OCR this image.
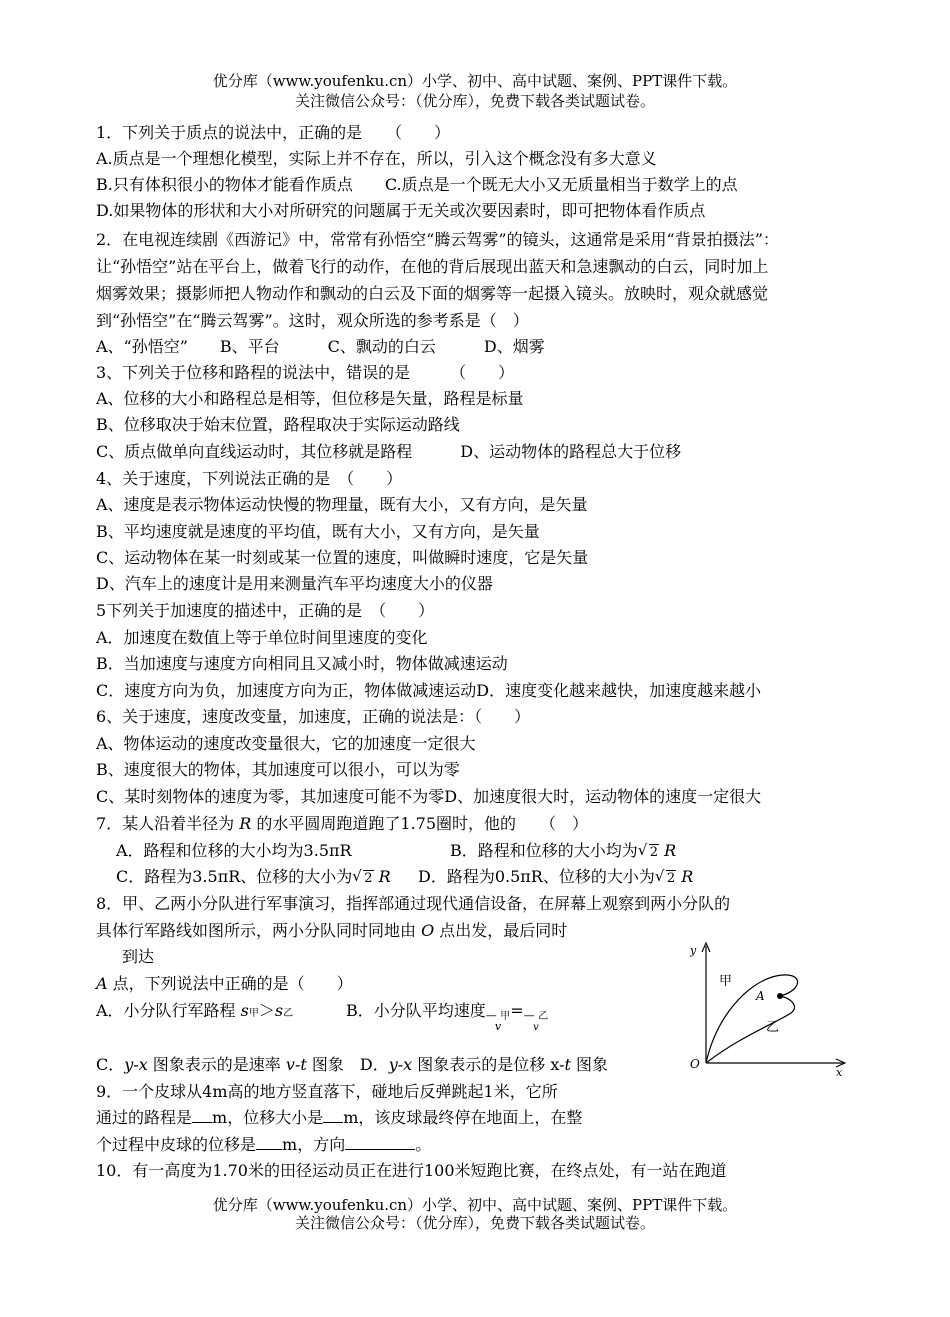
优分库（www.youfenku.cn）小学、初中、高中试题、案例、PPT课件下载。
关注微信公众号：（优分库），免费下载各类试题试卷。
1．下列关于质点的说法中，正确的是　　（　　）
A.质点是一个理想化模型，实际上并不存在，所以，引入这个概念没有多大意义
B.只有体积很小的物体才能看作质点　　C.质点是一个既无大小又无质量相当于数学上的点
D.如果物体的形状和大小对所研究的问题属于无关或次要因素时，即可把物体看作质点
2．在电视连续剧《西游记》中，常常有孙悟空“腾云驾雾”的镜头，这通常是采用“背景拍摄法”：
让“孙悟空”站在平台上，做着飞行的动作，在他的背后展现出蓝天和急速飘动的白云，同时加上
烟雾效果；摄影师把人物动作和飘动的白云及下面的烟雾等一起摄入镜头。放映时，观众就感觉
到“孙悟空”在“腾云驾雾”。这时，观众所选的参考系是（　）
A、“孙悟空”　　B、平台　　　C、飘动的白云　　　D、烟雾
3、下列关于位移和路程的说法中，错误的是　　　（　　）
A、位移的大小和路程总是相等，但位移是矢量，路程是标量
B、位移取决于始末位置，路程取决于实际运动路线
C、质点做单向直线运动时，其位移就是路程　　　D、运动物体的路程总大于位移
4、关于速度，下列说法正确的是　（　　）
A、速度是表示物体运动快慢的物理量，既有大小，又有方向，是矢量
B、平均速度就是速度的平均值，既有大小，又有方向，是矢量
C、运动物体在某一时刻或某一位置的速度，叫做瞬时速度，它是矢量
D、汽车上的速度计是用来测量汽车平均速度大小的仪器
5下列关于加速度的描述中，正确的是　（　　）
A．加速度在数值上等于单位时间里速度的变化
B．当加速度与速度方向相同且又减小时，物体做减速运动
C．速度方向为负，加速度方向为正，物体做减速运动D．速度变化越来越快，加速度越来越小
6、关于速度，速度改变量，加速度，正确的说法是：（　　）
A、物体运动的速度改变量很大，它的加速度一定很大
B、速度很大的物体，其加速度可以很小，可以为零
C、某时刻物体的速度为零，其加速度可能不为零D、加速度很大时，运动物体的速度一定很大
7．某人沿着半径为 R 的水平圆周跑道跑了1.75圈时，他的　　（　）
A．路程和位移的大小均为3.5πR	B．路程和位移的大小均为 √ 2 R
C．路程为3.5πR、位移的大小为 √ 2 R D．路程为0.5πR、位移的大小为 √ 2 R
8．甲、乙两小分队进行军事演习，指挥部通过现代通信设备，在屏幕上观察到两小分队的
具体行军路线如图所示，两小分队同时同地由 O 点出发，最后同时
到达
A 点，下列说法中正确的是（　　）
A．小分队行军路程 s甲＞s乙	B．小分队平均速度— 甲
v=— 乙
v
C．y-x 图象表示的是速率 v-t 图象　D．y-x 图象表示的是位移 x-t 图象
y
x
O
A
甲
乙
9．一个皮球从4m高的地方竖直落下，碰地后反弹跳起1米，它所
通过的路程是 m，位移大小是 m，该皮球最终停在地面上，在整
个过程中皮球的位移是 m，方向	。
10．有一高度为1.70米的田径运动员正在进行100米短跑比赛，在终点处，有一站在跑道
优分库（www.youfenku.cn）小学、初中、高中试题、案例、PPT课件下载。
关注微信公众号：（优分库），免费下载各类试题试卷。
